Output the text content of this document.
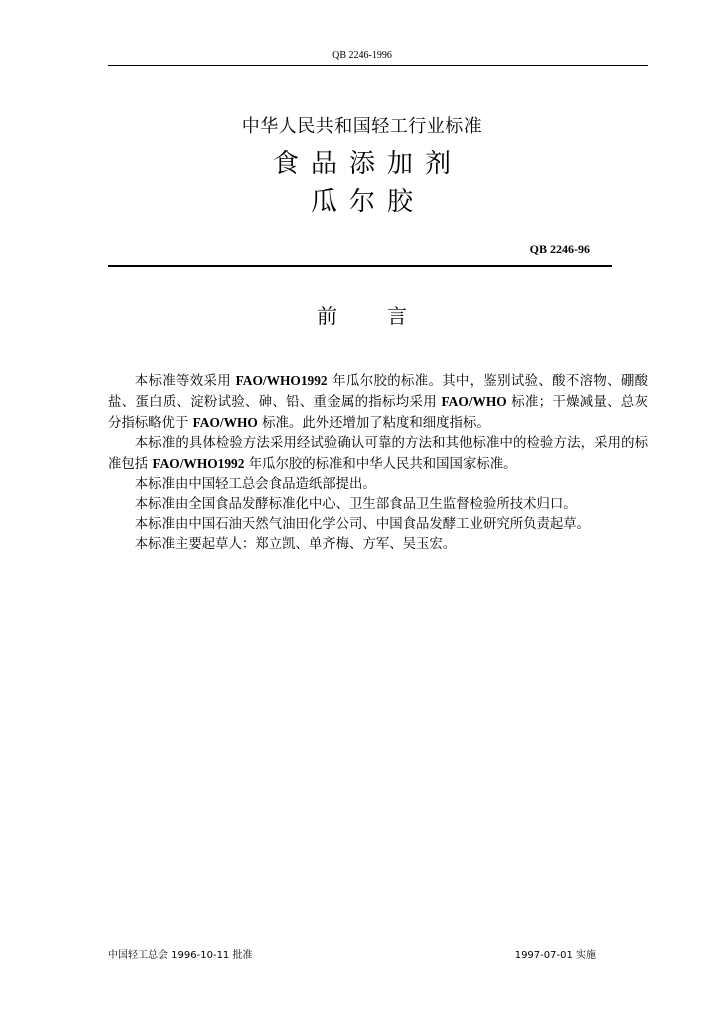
QB 2246-1996
中华人民共和国轻工行业标准
食品添加剂
瓜尔胶
QB 2246-96
前言

本标准等效采用 FAO/WHO1992 年瓜尔胶的标准。其中，鉴别试验、酸不溶物、硼酸盐、蛋白质、淀粉试验、砷、铅、重金属的指标均采用 FAO/WHO 标准；干燥减量、总灰分指标略优于 FAO/WHO 标准。此外还增加了粘度和细度指标。

本标准的具体检验方法采用经试验确认可靠的方法和其他标准中的检验方法，采用的标准包括 FAO/WHO1992 年瓜尔胶的标准和中华人民共和国国家标准。

本标准由中国轻工总会食品造纸部提出。

本标准由全国食品发酵标准化中心、卫生部食品卫生监督检验所技术归口。

本标准由中国石油天然气油田化学公司、中国食品发酵工业研究所负责起草。

本标准主要起草人：郑立凯、单齐梅、方军、吴玉宏。

中国轻工总会 1996-10-11 批准	1997-07-01 实施
